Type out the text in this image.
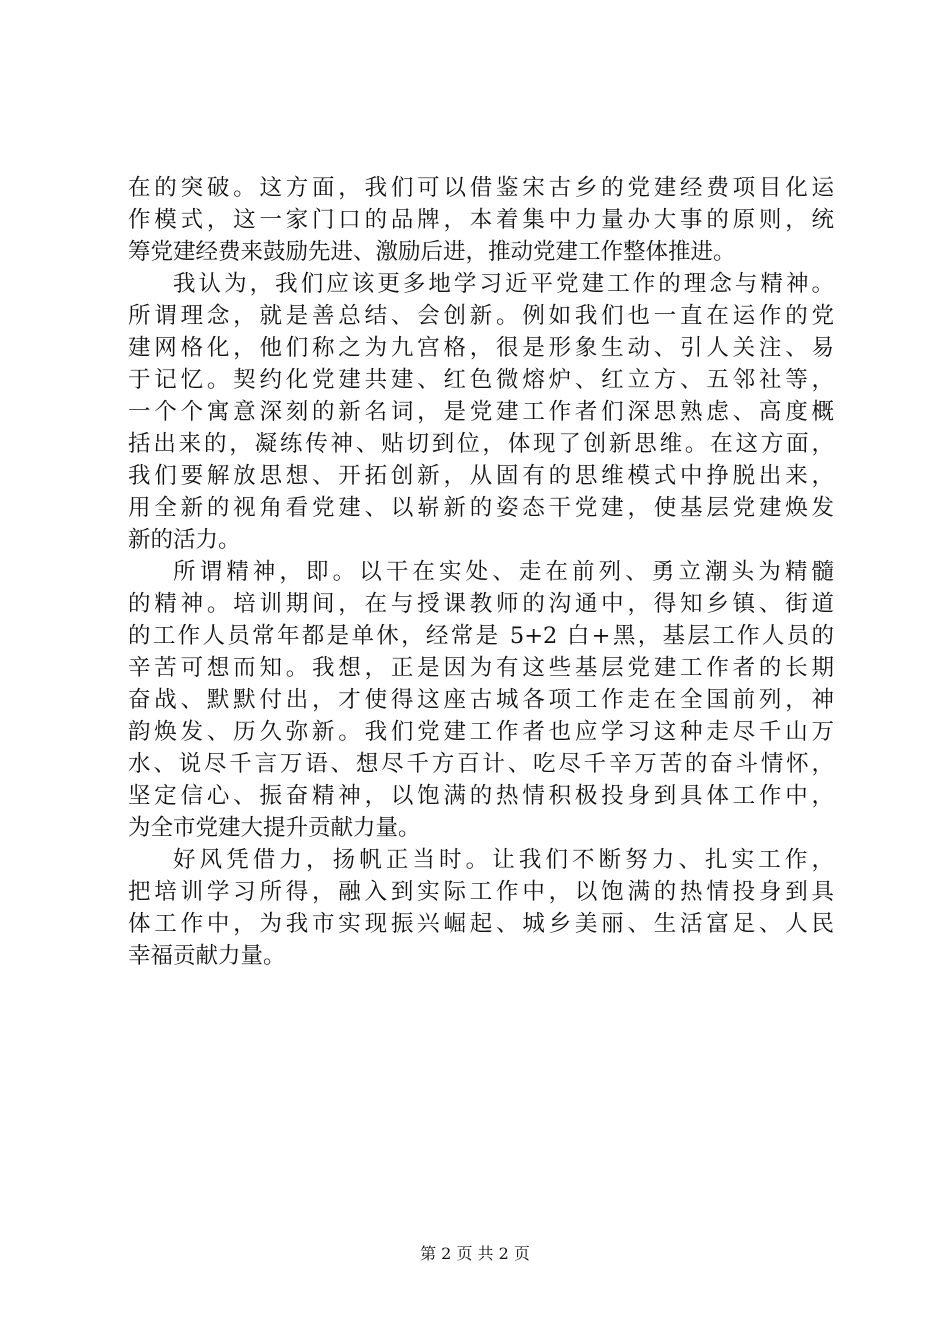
在的突破。这方面，我们可以借鉴宋古乡的党建经费项目化运
作模式，这一家门口的品牌，本着集中力量办大事的原则，统
筹党建经费来鼓励先进、激励后进，推动党建工作整体推进。
我认为，我们应该更多地学习近平党建工作的理念与精神。
所谓理念，就是善总结、会创新。例如我们也一直在运作的党
建网格化，他们称之为九宫格，很是形象生动、引人关注、易
于记忆。契约化党建共建、红色微熔炉、红立方、五邻社等，
一个个寓意深刻的新名词，是党建工作者们深思熟虑、高度概
括出来的，凝练传神、贴切到位，体现了创新思维。在这方面，
我们要解放思想、开拓创新，从固有的思维模式中挣脱出来，
用全新的视角看党建、以崭新的姿态干党建，使基层党建焕发
新的活力。
所谓精神，即。以干在实处、走在前列、勇立潮头为精髓
的精神。培训期间，在与授课教师的沟通中，得知乡镇、街道
的工作人员常年都是单休，经常是 5+2 白+黑，基层工作人员的
辛苦可想而知。我想，正是因为有这些基层党建工作者的长期
奋战、默默付出，才使得这座古城各项工作走在全国前列，神
韵焕发、历久弥新。我们党建工作者也应学习这种走尽千山万
水、说尽千言万语、想尽千方百计、吃尽千辛万苦的奋斗情怀，
坚定信心、振奋精神，以饱满的热情积极投身到具体工作中，
为全市党建大提升贡献力量。
好风凭借力，扬帆正当时。让我们不断努力、扎实工作，
把培训学习所得，融入到实际工作中，以饱满的热情投身到具
体工作中，为我市实现振兴崛起、城乡美丽、生活富足、人民
幸福贡献力量。
第 2 页 共 2 页
